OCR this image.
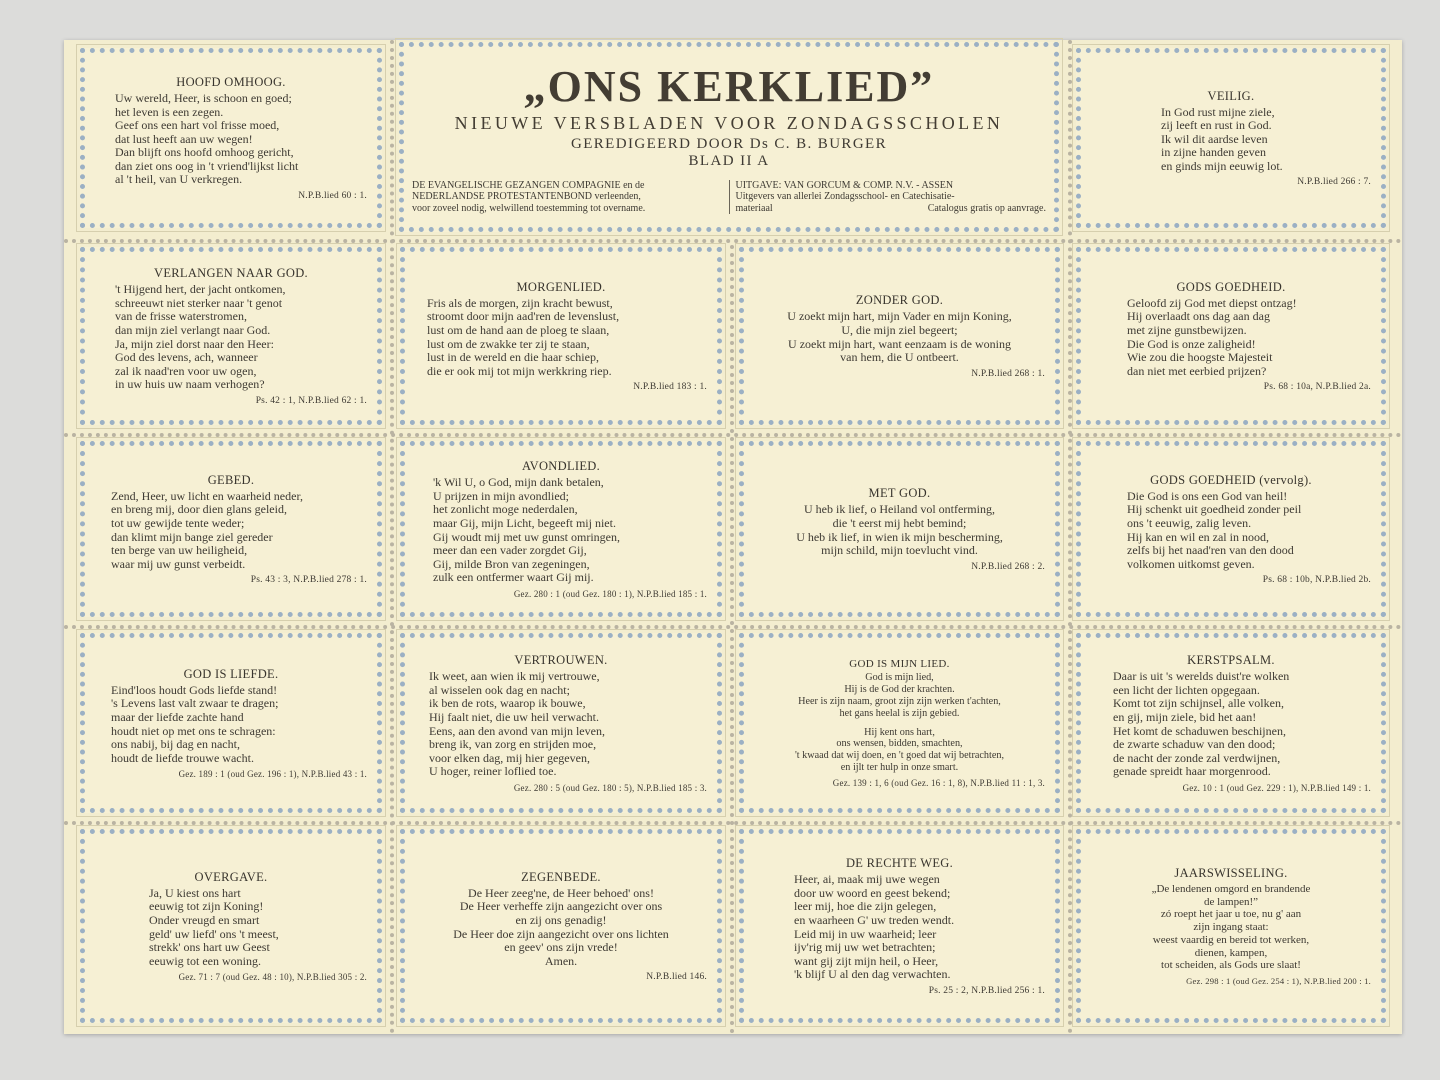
„ONS KERKLIED”
NIEUWE VERSBLADEN VOOR ZONDAGSSCHOLEN
GEREDIGEERD DOOR Ds C. B. BURGER
BLAD II A
DE EVANGELISCHE GEZANGEN COMPAGNIE en de
NEDERLANDSE PROTESTANTENBOND verleenden,
voor zoveel nodig, welwillend toestemming tot overname.
UITGAVE: VAN GORCUM & COMP. N.V. - ASSEN
Uitgevers van allerlei Zondagsschool- en Catechisatie-
materiaal	Catalogus gratis op aanvrage.
HOOFD OMHOOG.
Uw wereld, Heer, is schoon en goed;
het leven is een zegen.
Geef ons een hart vol frisse moed,
dat lust heeft aan uw wegen!
Dan blijft ons hoofd omhoog gericht,
dan ziet ons oog in 't vriend'lijkst licht
al 't heil, van U verkregen.
N.P.B.lied 60 : 1.
VEILIG.
In God rust mijne ziele,
zij leeft en rust in God.
Ik wil dit aardse leven
in zijne handen geven
en ginds mijn eeuwig lot.
N.P.B.lied 266 : 7.
VERLANGEN NAAR GOD.
't Hijgend hert, der jacht ontkomen,
schreeuwt niet sterker naar 't genot
van de frisse waterstromen,
dan mijn ziel verlangt naar God.
Ja, mijn ziel dorst naar den Heer:
God des levens, ach, wanneer
zal ik naad'ren voor uw ogen,
in uw huis uw naam verhogen?
Ps. 42 : 1, N.P.B.lied 62 : 1.
MORGENLIED.
Fris als de morgen, zijn kracht bewust,
stroomt door mijn aad'ren de levenslust,
lust om de hand aan de ploeg te slaan,
lust om de zwakke ter zij te staan,
lust in de wereld en die haar schiep,
die er ook mij tot mijn werkkring riep.
N.P.B.lied 183 : 1.
ZONDER GOD.
U zoekt mijn hart, mijn Vader en mijn Koning,
U, die mijn ziel begeert;
U zoekt mijn hart, want eenzaam is de woning
van hem, die U ontbeert.
N.P.B.lied 268 : 1.
GODS GOEDHEID.
Geloofd zij God met diepst ontzag!
Hij overlaadt ons dag aan dag
met zijne gunstbewijzen.
Die God is onze zaligheid!
Wie zou die hoogste Majesteit
dan niet met eerbied prijzen?
Ps. 68 : 10a, N.P.B.lied 2a.
GEBED.
Zend, Heer, uw licht en waarheid neder,
en breng mij, door dien glans geleid,
tot uw gewijde tente weder;
dan klimt mijn bange ziel gereder
ten berge van uw heiligheid,
waar mij uw gunst verbeidt.
Ps. 43 : 3, N.P.B.lied 278 : 1.
AVONDLIED.
'k Wil U, o God, mijn dank betalen,
U prijzen in mijn avondlied;
het zonlicht moge nederdalen,
maar Gij, mijn Licht, begeeft mij niet.
Gij woudt mij met uw gunst omringen,
meer dan een vader zorgdet Gij,
Gij, milde Bron van zegeningen,
zulk een ontfermer waart Gij mij.
Gez. 280 : 1 (oud Gez. 180 : 1), N.P.B.lied 185 : 1.
MET GOD.
U heb ik lief, o Heiland vol ontferming,
die 't eerst mij hebt bemind;
U heb ik lief, in wien ik mijn bescherming,
mijn schild, mijn toevlucht vind.
N.P.B.lied 268 : 2.
GODS GOEDHEID (vervolg).
Die God is ons een God van heil!
Hij schenkt uit goedheid zonder peil
ons 't eeuwig, zalig leven.
Hij kan en wil en zal in nood,
zelfs bij het naad'ren van den dood
volkomen uitkomst geven.
Ps. 68 : 10b, N.P.B.lied 2b.
GOD IS LIEFDE.
Eind'loos houdt Gods liefde stand!
's Levens last valt zwaar te dragen;
maar der liefde zachte hand
houdt niet op met ons te schragen:
ons nabij, bij dag en nacht,
houdt de liefde trouwe wacht.
Gez. 189 : 1 (oud Gez. 196 : 1), N.P.B.lied 43 : 1.
VERTROUWEN.
Ik weet, aan wien ik mij vertrouwe,
al wisselen ook dag en nacht;
ik ben de rots, waarop ik bouwe,
Hij faalt niet, die uw heil verwacht.
Eens, aan den avond van mijn leven,
breng ik, van zorg en strijden moe,
voor elken dag, mij hier gegeven,
U hoger, reiner loflied toe.
Gez. 280 : 5 (oud Gez. 180 : 5), N.P.B.lied 185 : 3.
GOD IS MIJN LIED.
God is mijn lied,
Hij is de God der krachten.
Heer is zijn naam, groot zijn zijn werken t'achten,
het gans heelal is zijn gebied.
Hij kent ons hart,
ons wensen, bidden, smachten,
't kwaad dat wij doen, en 't goed dat wij betrachten,
en ijlt ter hulp in onze smart.
Gez. 139 : 1, 6 (oud Gez. 16 : 1, 8), N.P.B.lied 11 : 1, 3.
KERSTPSALM.
Daar is uit 's werelds duist're wolken
een licht der lichten opgegaan.
Komt tot zijn schijnsel, alle volken,
en gij, mijn ziele, bid het aan!
Het komt de schaduwen beschijnen,
de zwarte schaduw van den dood;
de nacht der zonde zal verdwijnen,
genade spreidt haar morgenrood.
Gez. 10 : 1 (oud Gez. 229 : 1), N.P.B.lied 149 : 1.
OVERGAVE.
Ja, U kiest ons hart
eeuwig tot zijn Koning!
Onder vreugd en smart
geld' uw liefd' ons 't meest,
strekk' ons hart uw Geest
eeuwig tot een woning.
Gez. 71 : 7 (oud Gez. 48 : 10), N.P.B.lied 305 : 2.
ZEGENBEDE.
De Heer zeeg'ne, de Heer behoed' ons!
De Heer verheffe zijn aangezicht over ons
en zij ons genadig!
De Heer doe zijn aangezicht over ons lichten
en geev' ons zijn vrede!
Amen.
N.P.B.lied 146.
DE RECHTE WEG.
Heer, ai, maak mij uwe wegen
door uw woord en geest bekend;
leer mij, hoe die zijn gelegen,
en waarheen G' uw treden wendt.
Leid mij in uw waarheid; leer
ijv'rig mij uw wet betrachten;
want gij zijt mijn heil, o Heer,
'k blijf U al den dag verwachten.
Ps. 25 : 2, N.P.B.lied 256 : 1.
JAARSWISSELING.
„De lendenen omgord en brandende
de lampen!”
zó roept het jaar u toe, nu g' aan
zijn ingang staat:
weest vaardig en bereid tot werken,
dienen, kampen,
tot scheiden, als Gods ure slaat!
Gez. 298 : 1 (oud Gez. 254 : 1), N.P.B.lied 200 : 1.
